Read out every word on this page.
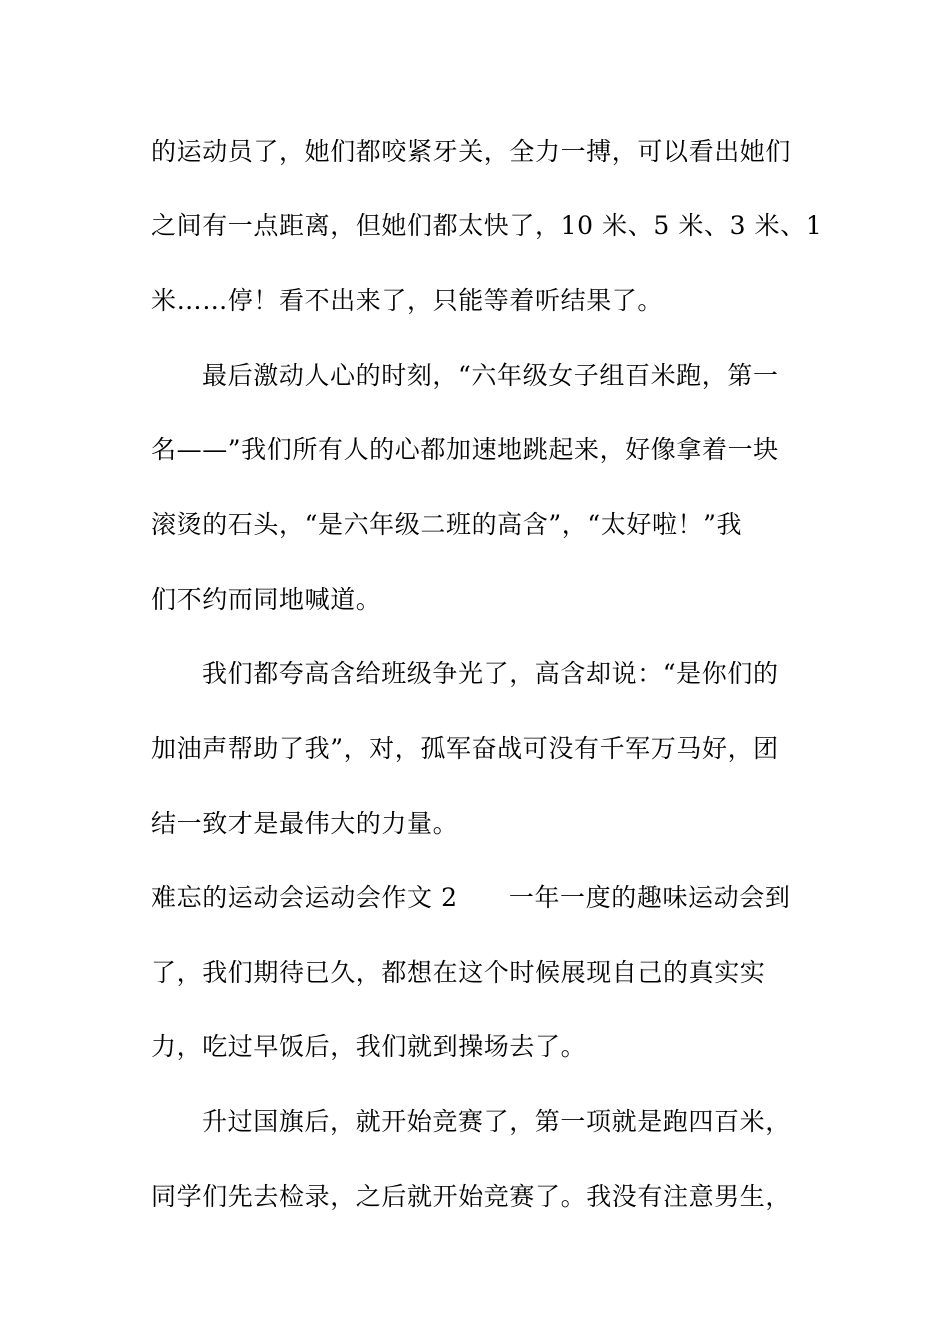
的运动员了，她们都咬紧牙关，全力一搏，可以看出她们
之间有一点距离，但她们都太快了，10 米、5 米、3 米、1
米……停！看不出来了，只能等着听结果了。
最后激动人心的时刻，“六年级女子组百米跑，第一
名——”我们所有人的心都加速地跳起来，好像拿着一块
滚烫的石头，“是六年级二班的高含”，“太好啦！”我
们不约而同地喊道。
我们都夸高含给班级争光了，高含却说：“是你们的
加油声帮助了我”，对，孤军奋战可没有千军万马好，团
结一致才是最伟大的力量。
难忘的运动会运动会作文 2　　一年一度的趣味运动会到
了，我们期待已久，都想在这个时候展现自己的真实实
力，吃过早饭后，我们就到操场去了。
升过国旗后，就开始竞赛了，第一项就是跑四百米，
同学们先去检录，之后就开始竞赛了。我没有注意男生，
